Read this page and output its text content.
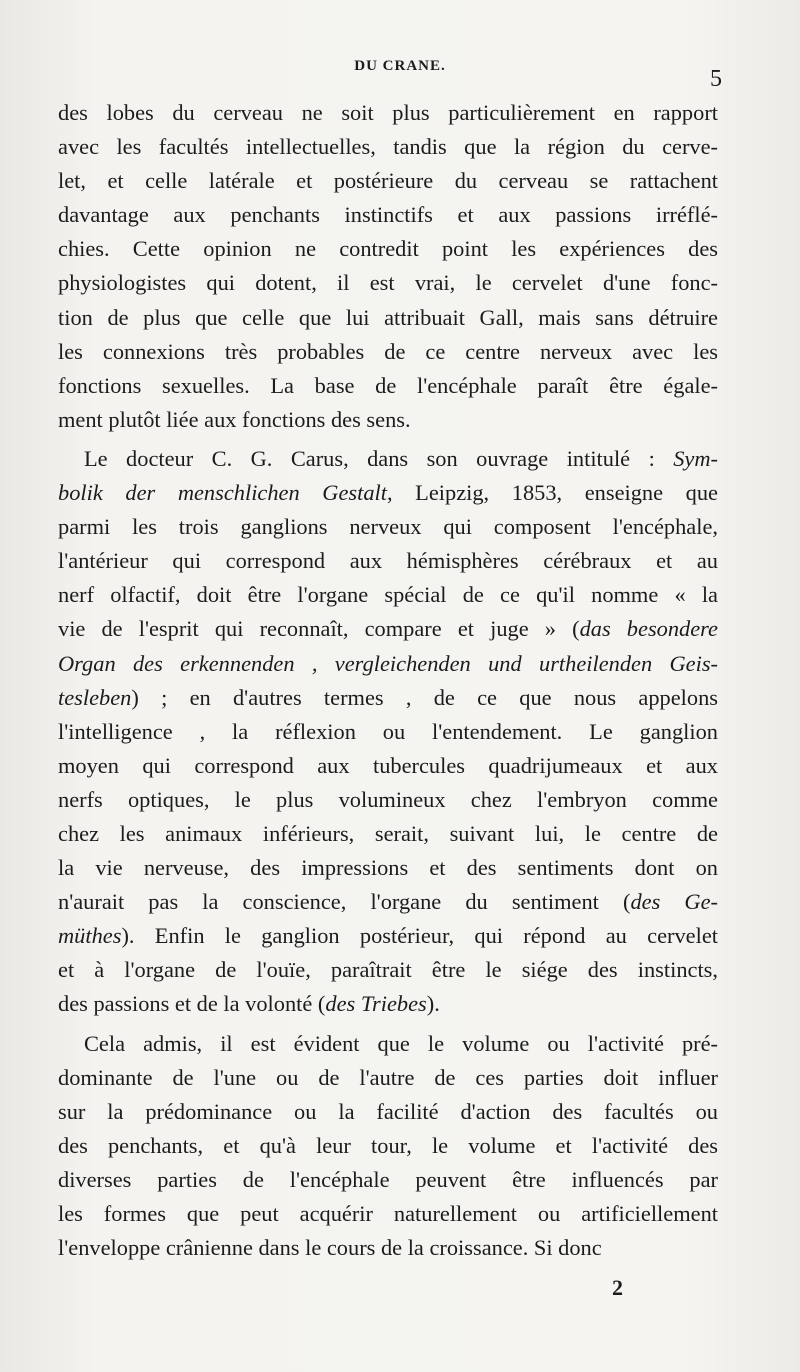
DU CRANE.	5
des lobes du cerveau ne soit plus particulièrement en rapport
avec les facultés intellectuelles, tandis que la région du cerve-
let, et celle latérale et postérieure du cerveau se rattachent
davantage aux penchants instinctifs et aux passions irréflé-
chies. Cette opinion ne contredit point les expériences des
physiologistes qui dotent, il est vrai, le cervelet d'une fonc-
tion de plus que celle que lui attribuait Gall, mais sans détruire
les connexions très probables de ce centre nerveux avec les
fonctions sexuelles. La base de l'encéphale paraît être égale-
ment plutôt liée aux fonctions des sens.
Le docteur C. G. Carus, dans son ouvrage intitulé : Sym-
bolik der menschlichen Gestalt, Leipzig, 1853, enseigne que
parmi les trois ganglions nerveux qui composent l'encéphale,
l'antérieur qui correspond aux hémisphères cérébraux et au
nerf olfactif, doit être l'organe spécial de ce qu'il nomme « la
vie de l'esprit qui reconnaît, compare et juge » (das besondere
Organ des erkennenden , vergleichenden und urtheilenden Geis-
tesleben) ; en d'autres termes , de ce que nous appelons
l'intelligence , la réflexion ou l'entendement. Le ganglion
moyen qui correspond aux tubercules quadrijumeaux et aux
nerfs optiques, le plus volumineux chez l'embryon comme
chez les animaux inférieurs, serait, suivant lui, le centre de
la vie nerveuse, des impressions et des sentiments dont on
n'aurait pas la conscience, l'organe du sentiment (des Ge-
müthes). Enfin le ganglion postérieur, qui répond au cervelet
et à l'organe de l'ouïe, paraîtrait être le siége des instincts,
des passions et de la volonté (des Triebes).
Cela admis, il est évident que le volume ou l'activité pré-
dominante de l'une ou de l'autre de ces parties doit influer
sur la prédominance ou la facilité d'action des facultés ou
des penchants, et qu'à leur tour, le volume et l'activité des
diverses parties de l'encéphale peuvent être influencés par
les formes que peut acquérir naturellement ou artificiellement
l'enveloppe crânienne dans le cours de la croissance. Si donc
2
